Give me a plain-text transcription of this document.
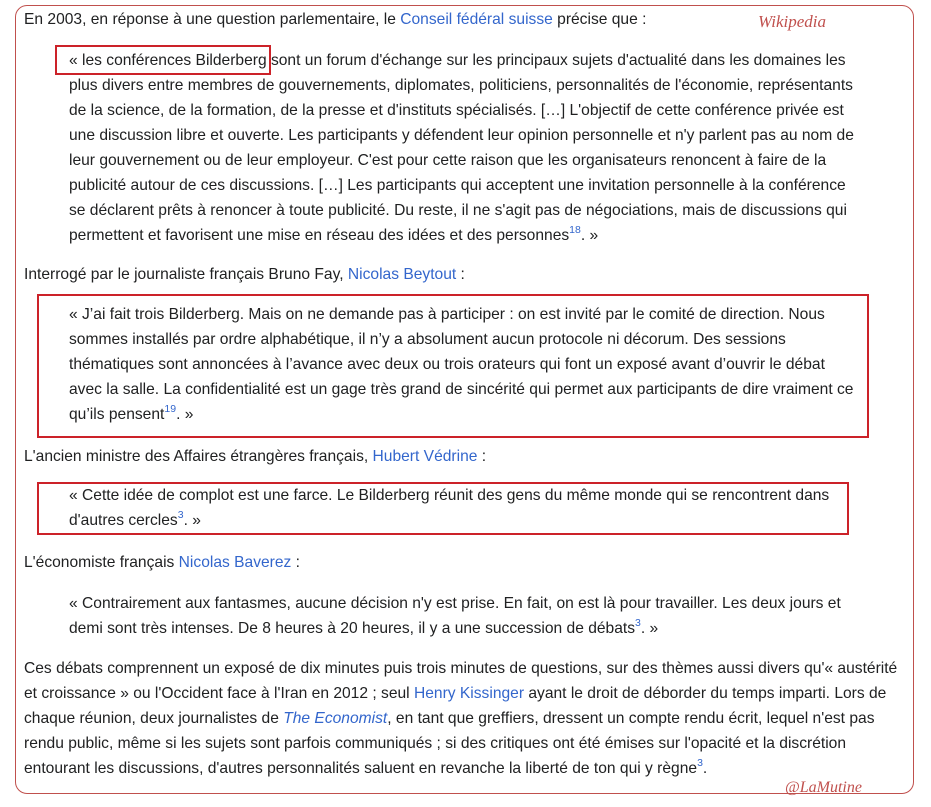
Wikipedia
@LaMutine
En 2003, en réponse à une question parlementaire, le Conseil fédéral suisse précise que :
« les conférences Bilderberg sont un forum d'échange sur les principaux sujets d'actualité dans les domaines les
plus divers entre membres de gouvernements, diplomates, politiciens, personnalités de l'économie, représentants
de la science, de la formation, de la presse et d'instituts spécialisés. […] L'objectif de cette conférence privée est
une discussion libre et ouverte. Les participants y défendent leur opinion personnelle et n'y parlent pas au nom de
leur gouvernement ou de leur employeur. C'est pour cette raison que les organisateurs renoncent à faire de la
publicité autour de ces discussions. […] Les participants qui acceptent une invitation personnelle à la conférence
se déclarent prêts à renoncer à toute publicité. Du reste, il ne s'agit pas de négociations, mais de discussions qui
permettent et favorisent une mise en réseau des idées et des personnes$^{18}$. »
Interrogé par le journaliste français Bruno Fay, Nicolas Beytout :
« J’ai fait trois Bilderberg. Mais on ne demande pas à participer : on est invité par le comité de direction. Nous
sommes installés par ordre alphabétique, il n’y a absolument aucun protocole ni décorum. Des sessions
thématiques sont annoncées à l’avance avec deux ou trois orateurs qui font un exposé avant d’ouvrir le débat
avec la salle. La confidentialité est un gage très grand de sincérité qui permet aux participants de dire vraiment ce
qu’ils pensent$^{19}$. »
L'ancien ministre des Affaires étrangères français, Hubert Védrine :
« Cette idée de complot est une farce. Le Bilderberg réunit des gens du même monde qui se rencontrent dans
d'autres cercles$^3$. »
L'économiste français Nicolas Baverez :
« Contrairement aux fantasmes, aucune décision n'y est prise. En fait, on est là pour travailler. Les deux jours et
demi sont très intenses. De 8 heures à 20 heures, il y a une succession de débats$^3$. »
Ces débats comprennent un exposé de dix minutes puis trois minutes de questions, sur des thèmes aussi divers qu'« austérité
et croissance » ou l'Occident face à l'Iran en 2012 ; seul Henry Kissinger ayant le droit de déborder du temps imparti. Lors de
chaque réunion, deux journalistes de The Economist, en tant que greffiers, dressent un compte rendu écrit, lequel n'est pas
rendu public, même si les sujets sont parfois communiqués ; si des critiques ont été émises sur l'opacité et la discrétion
entourant les discussions, d'autres personnalités saluent en revanche la liberté de ton qui y règne$^3$.
